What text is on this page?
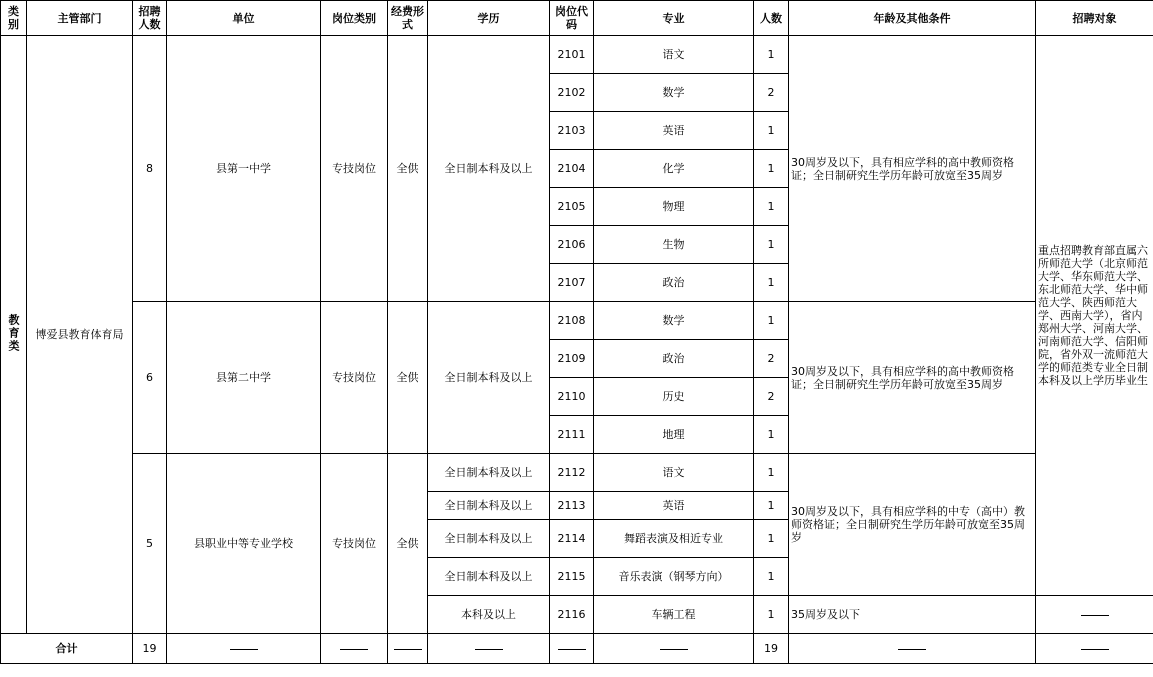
类别	主管部门	招聘人数	单位	岗位类别	经费形式	学历	岗位代码	专业	人数	年龄及其他条件	招聘对象
教育类	博爱县教育体育局	8	县第一中学	专技岗位	全供	全日制本科及以上	2101	语文	1	30周岁及以下，具有相应学科的高中教师资格证；全日制研究生学历年龄可放宽至35周岁	重点招聘教育部直属六所师范大学（北京师范大学、华东师范大学、东北师范大学、华中师范大学、陕西师范大学、西南大学），省内郑州大学、河南大学、河南师范大学、信阳师院，省外双一流师范大学的师范类专业全日制本科及以上学历毕业生
							2102	数学	2		
							2103	英语	1		
							2104	化学	1		
							2105	物理	1		
							2106	生物	1		
							2107	政治	1		
		6	县第二中学	专技岗位	全供	全日制本科及以上	2108	数学	1	30周岁及以下，具有相应学科的高中教师资格证；全日制研究生学历年龄可放宽至35周岁	
							2109	政治	2		
							2110	历史	2		
							2111	地理	1		
		5	县职业中等专业学校	专技岗位	全供	全日制本科及以上	2112	语文	1	30周岁及以下，具有相应学科的中专（高中）教师资格证；全日制研究生学历年龄可放宽至35周岁	
						全日制本科及以上	2113	英语	1		
						全日制本科及以上	2114	舞蹈表演及相近专业	1		
						全日制本科及以上	2115	音乐表演（钢琴方向）	1		
						本科及以上	2116	车辆工程	1	35周岁及以下	
合计		19							19		
